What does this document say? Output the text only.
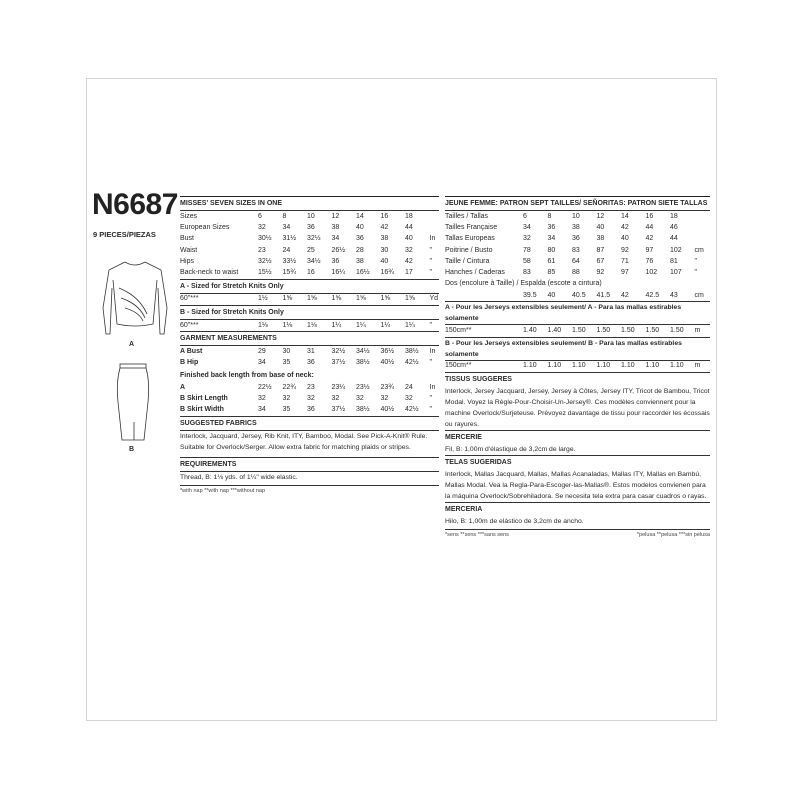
N6687
9 PIECES/PIEZAS
A
B
MISSES' SEVEN SIZES IN ONE
Sizes	6	8	10	12	14	16	18
European Sizes	32	34	36	38	40	42	44
Bust	30½	31½	32½	34	36	38	40	In
Waist	23	24	25	26½	28	30	32	"
Hips	32½	33½	34½	36	38	40	42	"
Back-neck to waist	15½	15¾	16	16¼	16½	16¾	17	"
A - Sized for Stretch Knits Only
60"***	1½	1⅝	1⅝	1⅝	1⅝	1⅝	1⅝	Yd
B - Sized for Stretch Knits Only
60"***	1⅛	1⅛	1⅛	1¼	1¼	1¼	1¼	"
GARMENT MEASUREMENTS
A Bust	29	30	31	32½	34½	36½	38½	In
B Hip	34	35	36	37½	38½	40½	42½	"
Finished back length from base of neck:
A	22½	22¾	23	23¼	23½	23¾	24	In
B Skirt Length	32	32	32	32	32	32	32	"
B Skirt Width	34	35	36	37½	38½	40½	42½	"
SUGGESTED FABRICS
Interlock, Jacquard, Jersey, Rib Knit, ITY, Bamboo, Modal. See Pick-A-Knit® Rule. Suitable for Overlock/Serger. Allow extra fabric for matching plaids or stripes.
REQUIREMENTS
Thread, B: 1⅛ yds. of 1¼" wide elastic.
*with nap **with nap ***without nap
JEUNE FEMME: PATRON SEPT TAILLES/ SEÑORITAS: PATRON SIETE TALLAS
Tailles / Tallas	6	8	10	12	14	16	18
Tailles Française	34	36	38	40	42	44	46
Tallas Europeas	32	34	36	38	40	42	44
Poitrine / Busto	78	80	83	87	92	97	102	cm
Taille / Cintura	58	61	64	67	71	76	81	"
Hanches / Caderas	83	85	88	92	97	102	107	"
Dos (encolure à Taille) / Espalda (escote a cintura)
39.5	40	40.5	41.5	42	42.5	43	cm
A - Pour les Jerseys extensibles seulement/ A - Para las mallas estirables solamente
150cm**	1.40	1.40	1.50	1.50	1.50	1.50	1.50	m
B - Pour les Jerseys extensibles seulement/ B - Para las mallas estirables solamente
150cm**	1.10	1.10	1.10	1.10	1.10	1.10	1.10	m
TISSUS SUGGERES
Interlock, Jersey Jacquard, Jersey, Jersey à Côtes, Jersey ITY, Tricot de Bambou, Tricot Modal. Voyez la Règle-Pour-Choisir-Un-Jersey®. Ces modèles conviennent pour la machine Overlock/Surjeteuse. Prévoyez davantage de tissu pour raccorder les écossais ou rayures.
MERCERIE
Fil, B: 1,00m d'élastique de 3,2cm de large.
TELAS SUGERIDAS
Interlock, Mallas Jacquard, Mallas, Mallas Acanaladas, Mallas ITY, Mallas en Bambú, Mallas Modal. Vea la Regla-Para-Escoger-las-Mallas®. Estos modelos convienen para la máquina Overlock/Sobrehiladora. Se necesita tela extra para casar cuadros o rayas.
MERCERIA
Hilo, B: 1,00m de elástico de 3,2cm de ancho.
*sens **sens ***sans sens	*pelusa **pelusa ***sin pelusa
